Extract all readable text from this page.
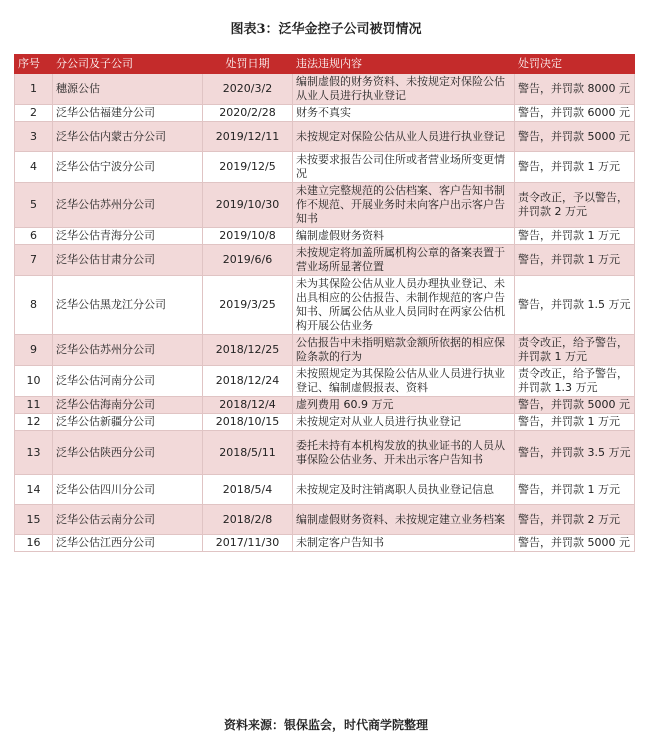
图表3：泛华金控子公司被罚情况
序号	分公司及子公司	处罚日期	违法违规内容	处罚决定
1	穗源公估	2020/3/2	编制虚假的财务资料、未按规定对保险公估从业人员进行执业登记	警告，并罚款 8000 元
2	泛华公估福建分公司	2020/2/28	财务不真实	警告，并罚款 6000 元
3	泛华公估内蒙古分公司	2019/12/11	未按规定对保险公估从业人员进行执业登记	警告，并罚款 5000 元
4	泛华公估宁波分公司	2019/12/5	未按要求报告公司住所或者营业场所变更情况	警告，并罚款 1 万元
5	泛华公估苏州分公司	2019/10/30	未建立完整规范的公估档案、客户告知书制作不规范、开展业务时未向客户出示客户告知书	责令改正，予以警告，并罚款 2 万元
6	泛华公估青海分公司	2019/10/8	编制虚假财务资料	警告，并罚款 1 万元
7	泛华公估甘肃分公司	2019/6/6	未按规定将加盖所属机构公章的备案表置于营业场所显著位置	警告，并罚款 1 万元
8	泛华公估黑龙江分公司	2019/3/25	未为其保险公估从业人员办理执业登记、未出具相应的公估报告、未制作规范的客户告知书、所属公估从业人员同时在两家公估机构开展公估业务	警告，并罚款 1.5 万元
9	泛华公估苏州分公司	2018/12/25	公估报告中未指明赔款金额所依据的相应保险条款的行为	责令改正，给予警告，并罚款 1 万元
10	泛华公估河南分公司	2018/12/24	未按照规定为其保险公估从业人员进行执业登记、编制虚假报表、资料	责令改正，给予警告，并罚款 1.3 万元
11	泛华公估海南分公司	2018/12/4	虚列费用 60.9 万元	警告，并罚款 5000 元
12	泛华公估新疆分公司	2018/10/15	未按规定对从业人员进行执业登记	警告，并罚款 1 万元
13	泛华公估陕西分公司	2018/5/11	委托未持有本机构发放的执业证书的人员从事保险公估业务、开未出示客户告知书	警告，并罚款 3.5 万元
14	泛华公估四川分公司	2018/5/4	未按规定及时注销离职人员执业登记信息	警告，并罚款 1 万元
15	泛华公估云南分公司	2018/2/8	编制虚假财务资料、未按规定建立业务档案	警告，并罚款 2 万元
16	泛华公估江西分公司	2017/11/30	未制定客户告知书	警告，并罚款 5000 元
资料来源：银保监会，时代商学院整理
